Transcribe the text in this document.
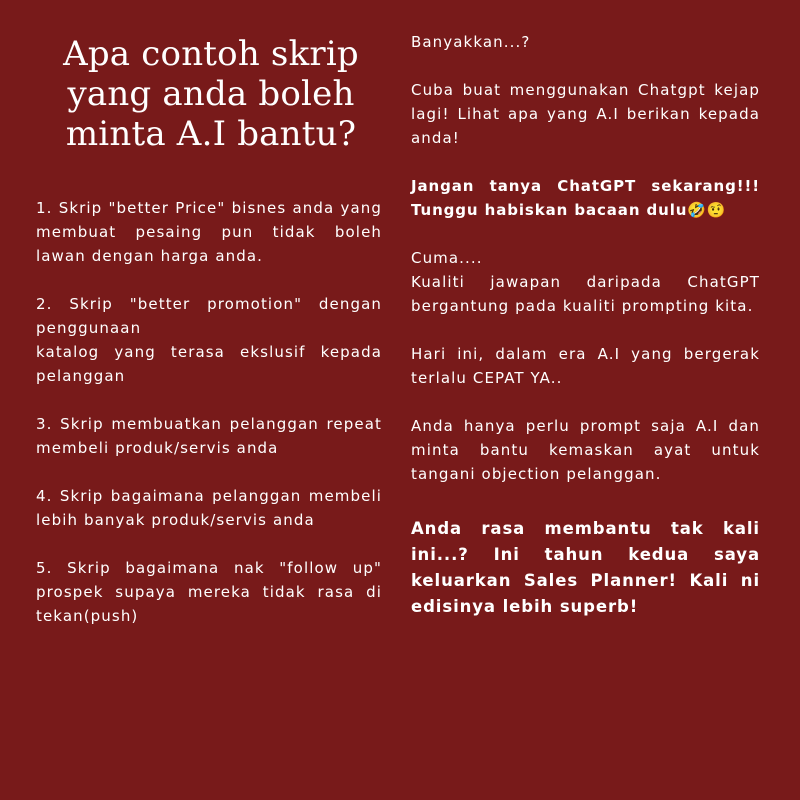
Apa contoh skrip yang anda boleh minta A.I bantu?

1. Skrip "better Price" bisnes anda yang membuat pesaing pun tidak boleh lawan dengan harga anda.

2. Skrip "better promotion" dengan penggunaan
katalog yang terasa ekslusif kepada pelanggan

3. Skrip membuatkan pelanggan repeat membeli produk/servis anda

4. Skrip bagaimana pelanggan membeli lebih banyak produk/servis anda

5. Skrip bagaimana nak "follow up" prospek supaya mereka tidak rasa di tekan(push)

Banyakkan...?

Cuba buat menggunakan Chatgpt kejap lagi! Lihat apa yang A.I berikan kepada anda!

Jangan tanya ChatGPT sekarang!!! Tunggu habiskan bacaan dulu🤣🤨

Cuma....
Kualiti jawapan daripada ChatGPT bergantung pada kualiti prompting kita.

Hari ini, dalam era A.I yang bergerak terlalu CEPAT YA..

Anda hanya perlu prompt saja A.I dan minta bantu kemaskan ayat untuk tangani objection pelanggan.

Anda rasa membantu tak kali ini...? Ini tahun kedua saya keluarkan Sales Planner! Kali ni edisinya lebih superb!
